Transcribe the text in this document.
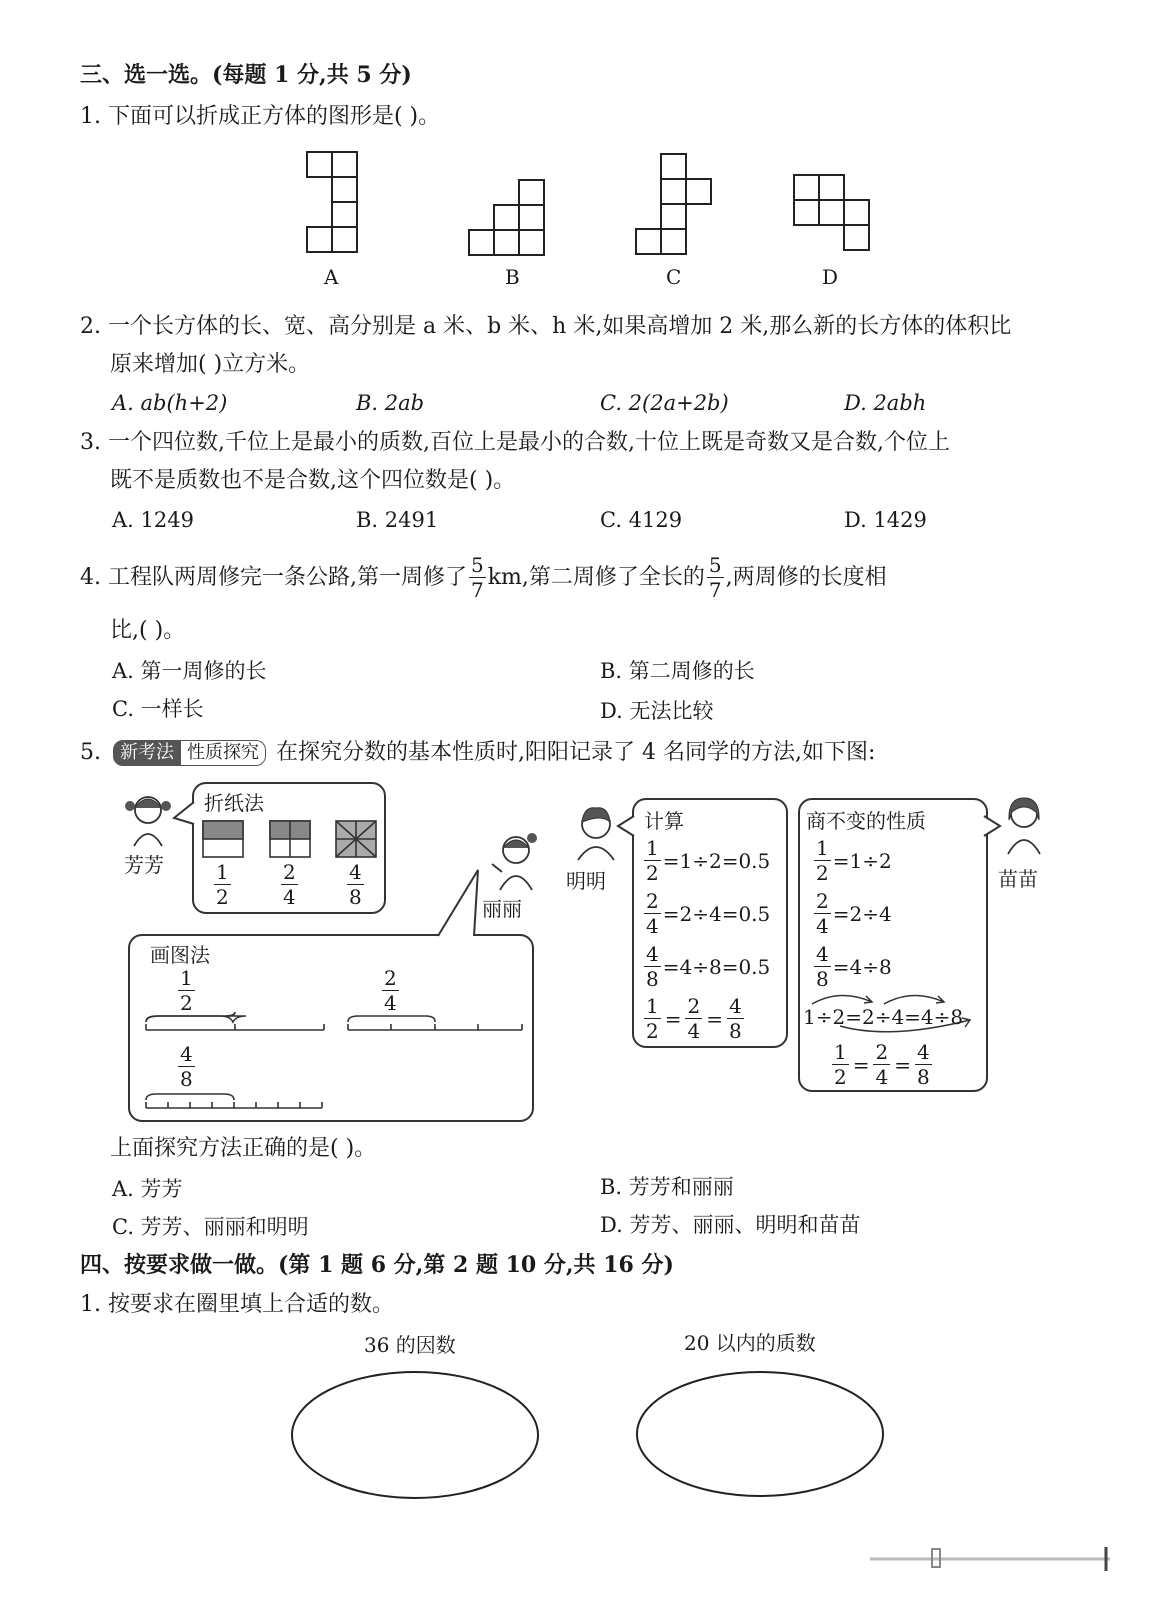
三、选一选。(每题 1 分,共 5 分)
1. 下面可以折成正方体的图形是( )。
A	B	C	D
2. 一个长方体的长、宽、高分别是 a 米、b 米、h 米,如果高增加 2 米,那么新的长方体的体积比
原来增加( )立方米。
A. ab(h+2)	B. 2ab	C. 2(2a+2b)	D. 2abh
3. 一个四位数,千位上是最小的质数,百位上是最小的合数,十位上既是奇数又是合数,个位上
既不是质数也不是合数,这个四位数是( )。
A. 1249	B. 2491	C. 4129	D. 1429
4. 工程队两周修完一条公路,第一周修了 $\frac{5}{7}$ km,第二周修了全长的 $\frac{5}{7}$ ,两周修的长度相
比,( )。
A. 第一周修的长	B. 第二周修的长
C. 一样长	D. 无法比较
5.	新考法 性质探究 在探究分数的基本性质时,阳阳记录了 4 名同学的方法,如下图:
芳芳
折纸法
$\frac{1}{2}$	$\frac{2}{4} \frac{4}{8}$
丽丽
画图法
$\frac{1}{2}$	$\frac{2}{4}$
$\frac{4}{8}$
明明
计算
$\frac{1}{2} =1\div 2=0.5$
$\frac{2}{4} =2\div 4=0.5$
$\frac{4}{8} =4\div 8=0.5$
$\frac{1}{2}$  =  $\frac{2}{4}$  =  $\frac{4}{8}$
商不变的性质
$\frac{1}{2} =1\div 2$
$\frac{2}{4} =2\div 4$
$\frac{4}{8} =4\div 8$
1÷2=2÷4=4÷8
$\frac{1}{2}$  =  $\frac{2}{4}$  =  $\frac{4}{8}$
苗苗
上面探究方法正确的是( )。
A. 芳芳	B. 芳芳和丽丽
C. 芳芳、丽丽和明明	D. 芳芳、丽丽、明明和苗苗
四、按要求做一做。(第 1 题 6 分,第 2 题 10 分,共 16 分)
1. 按要求在圈里填上合适的数。
36 的因数	20 以内的质数
